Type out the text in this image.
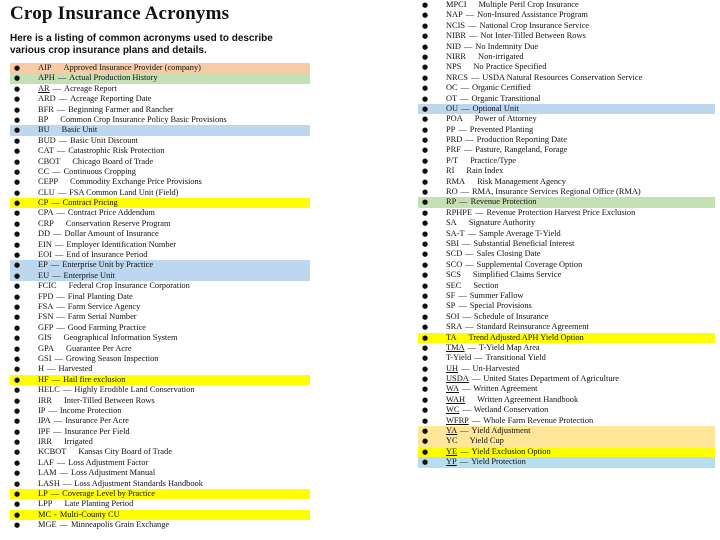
Crop Insurance Acronyms
Here is a listing of common acronyms used to describe various crop insurance plans and details.
●	AIP Approved Insurance Provider (company)
●	APH — Actual Production History
●	AR — Acreage Report
●	ARD — Acreage Reporting Date
●	BFR — Beginning Farmer and Rancher
●	BP Common Crop Insurance Policy Basic Provisions
●	BU Basic Unit
●	BUD — Basic Unit Discount
●	CAT — Catastrophic Risk Protection
●	CBOT Chicago Board of Trade
●	CC — Continuous Cropping
●	CEPP Commodity Exchange Price Provisions
●	CLU — FSA Common Land Unit (Field)
●	CP — Contract Pricing
●	CPA — Contract Price Addendum
●	CRP Conservation Reserve Program
●	DD — Dollar Amount of Insurance
●	EIN — Employer Identification Number
●	EOI — End of Insurance Period
●	EP — Enterprise Unit by Practice
●	EU — Enterprise Unit
●	FCIC Federal Crop Insurance Corporation
●	FPD — Final Planting Date
●	FSA — Farm Service Agency
●	FSN — Farm Serial Number
●	GFP — Good Farming Practice
●	GIS Geographical Information System
●	GPA Guarantee Per Acre
●	GSI — Growing Season Inspection
●	H — Harvested
●	HF — Hail fire exclusion
●	HELC — Highly Erodible Land Conservation
●	IRR Inter-Tilled Between Rows
●	IP — Income Protection
●	IPA — Insurance Per Acre
●	IPF — Insurance Per Field
●	IRR Irrigated
●	KCBOT Kansas City Board of Trade
●	LAF — Loss Adjustment Factor
●	LAM — Loss Adjustment Manual
●	LASH — Loss Adjustment Standards Handbook
●	LP — Coverage Level by Practice
●	LPP Late Planting Period
●	MC - Multi-County CU
●	MGE — Minneapolis Grain Exchange
●	MPCI Multiple Peril Crop Insurance
●	NAP — Non-Insured Assistance Program
●	NCIS — National Crop Insurance Service
●	NIBR — Not Inter-Tilled Between Rows
●	NID — No Indemnity Due
●	NIRR Non-irrigated
●	NPS No Practice Specified
●	NRCS — USDA Natural Resources Conservation Service
●	OC — Organic Certified
●	OT — Organic Transitional
●	OU — Optional Unit
●	POA Power of Attorney
●	PP — Prevented Planting
●	PRD — Production Reporting Date
●	PRF — Pasture, Rangeland, Forage
●	P/T Practice/Type
●	RI Rain Index
●	RMA Risk Management Agency
●	RO — RMA, Insurance Services Regional Office (RMA)
●	RP — Revenue Protection
●	RPHPE — Revenue Protection Harvest Price Exclusion
●	SA Signature Authority
●	SA-T — Sample Average T-Yield
●	SBI — Substantial Beneficial Interest
●	SCD — Sales Closing Date
●	SCO — Supplemental Coverage Option
●	SCS Simplified Claims Service
●	SEC Section
●	SF — Summer Fallow
●	SP — Special Provisions
●	SOI — Schedule of Insurance
●	SRA — Standard Reinsurance Agreement
●	TA Trend Adjusted APH Yield Option
●	TMA — T-Yield Map Area
●	T-Yield — Transitional Yield
●	UH — Un-Harvested
●	USDA — United States Department of Agriculture
●	WA — Written Agreement
●	WAH Written Agreement Handbook
●	WC — Wetland Conservation
●	WFRP — Whole Farm Revenue Protection
●	YA — Yield Adjustment
●	YC Yield Cup
●	YE — Yield Exclusion Option
●	YP — Yield Protection
